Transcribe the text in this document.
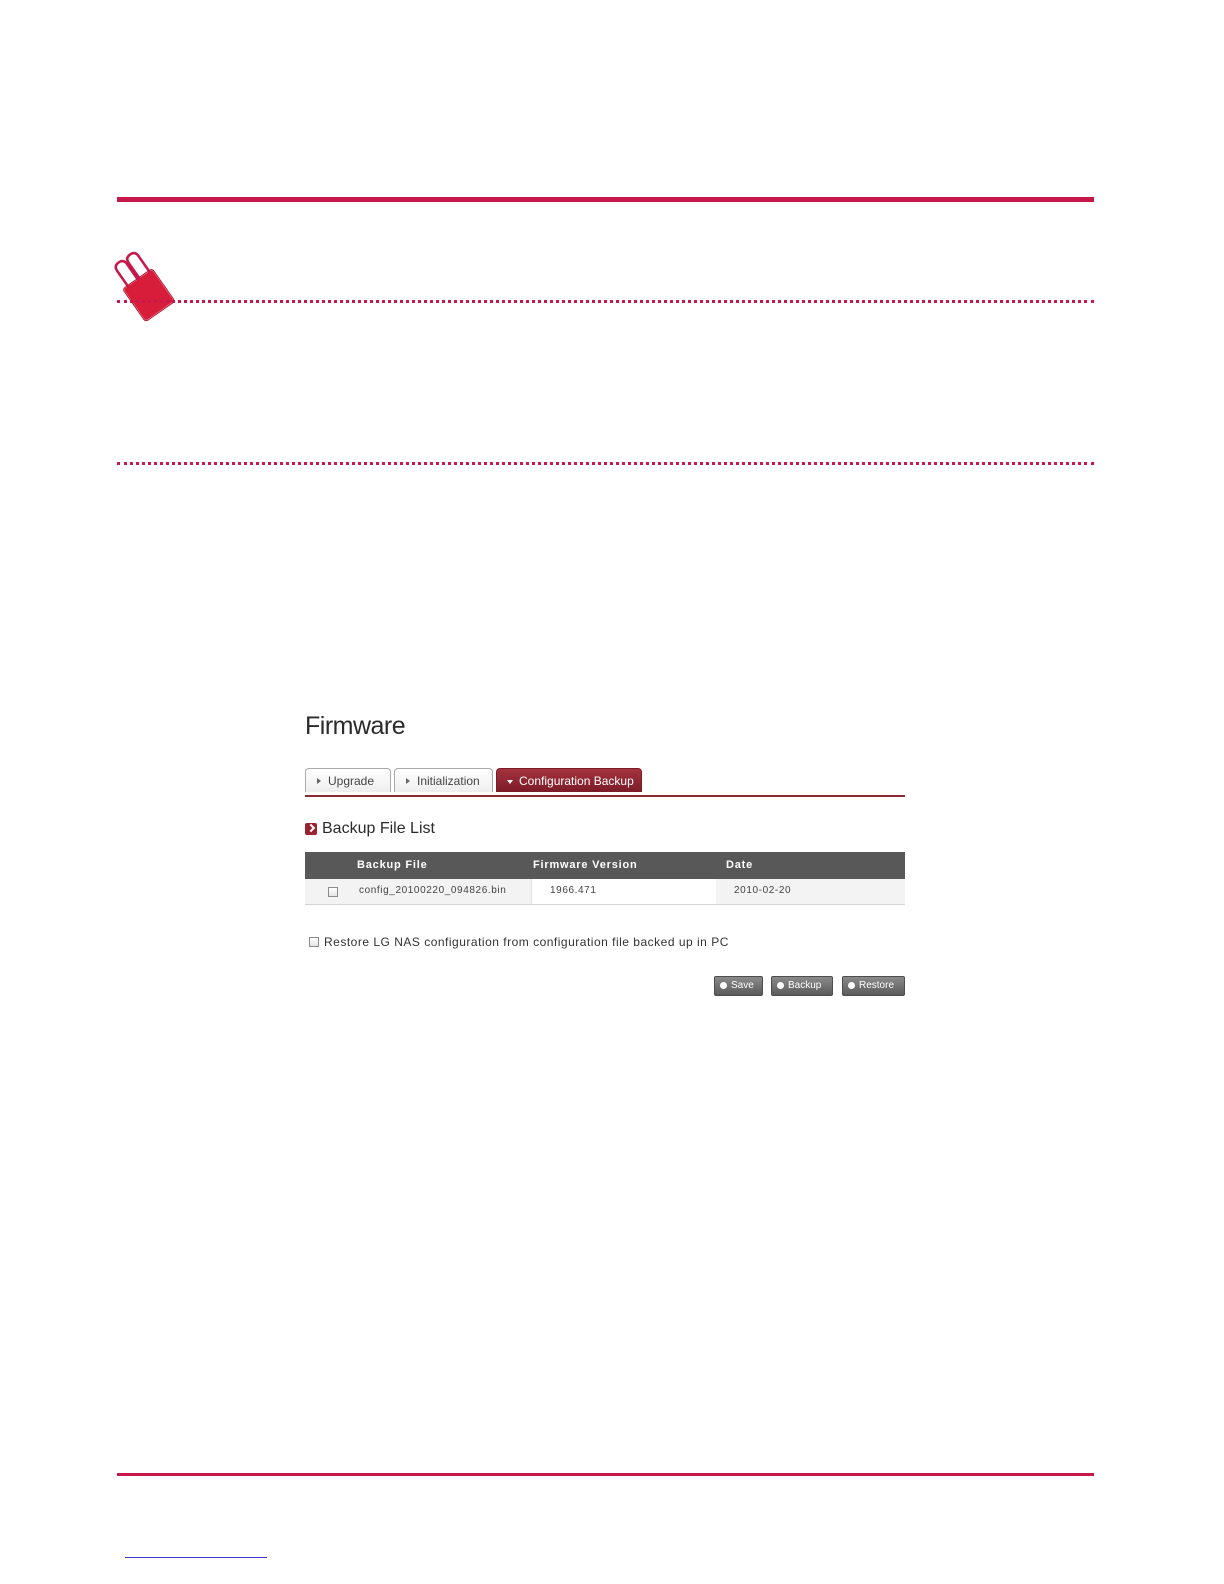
Firmware
Upgrade	Initialization	Configuration Backup
Backup File List
Backup File	Firmware Version	Date
config_20100220_094826.bin	1966.471	2010-02-20
Restore LG NAS configuration from configuration file backed up in PC
Save	Backup	Restore
